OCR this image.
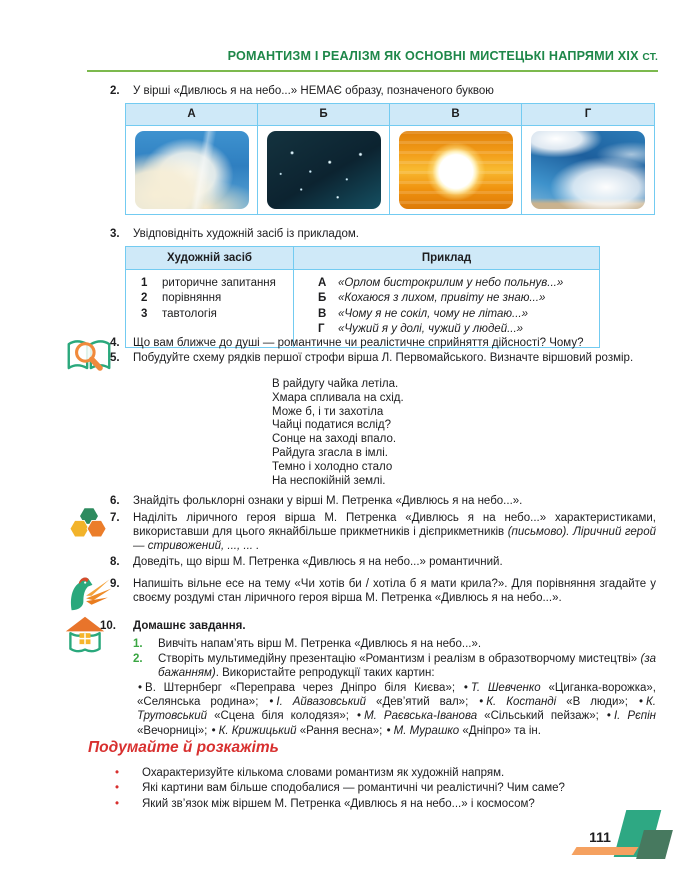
РОМАНТИЗМ І РЕАЛІЗМ ЯК ОСНОВНІ МИСТЕЦЬКІ НАПРЯМИ XIX СТ.
2.	У вірші «Дивлюсь я на небо...» НЕМАЄ образу, позначеного буквою
А	Б	В	Г
3.	Увідповідніть художній засіб із прикладом.
Художній засіб	Приклад
1 риторичне запитання
2 порівняння
3 тавтологія
А «Орлом бистрокрилим у небо польнув...»
Б «Кохаюся з лихом, привіту не знаю...»
В «Чому я не сокіл, чому не літаю...»
Г «Чужий я у долі, чужий у людей...»
4.	Що вам ближче до душі — романтичне чи реалістичне сприйняття дійсності? Чому?
5.	Побудуйте схему рядків першої строфи вірша Л. Первомайського. Визначте віршовий розмір.
В райдугу чайка летіла.
Хмара спливала на схід.
Може б, і ти захотіла
Чайці податися вслід?
Сонце на заході впало.
Райдуга згасла в імлі.
Темно і холодно стало
На неспокійній землі.
6.	Знайдіть фольклорні ознаки у вірші М. Петренка «Дивлюсь я на небо...».
7.	Наділіть ліричного героя вірша М. Петренка «Дивлюсь я на небо...» характеристиками, використавши для цього якнайбільше прикметників і дієприкметників (письмово). Ліричний герой — стривожений, ..., ... .
8.	Доведіть, що вірш М. Петренка «Дивлюсь я на небо...» романтичний.
9.	Напишіть вільне есе на тему «Чи хотів би / хотіла б я мати крила?». Для порівняння згадайте у своєму роздумі стан ліричного героя вірша М. Петренка «Дивлюсь я на небо...».
10.	Домашнє завдання.
1.	Вивчіть напам’ять вірш М. Петренка «Дивлюсь я на небо...».
2.	Створіть мультимедійну презентацію «Романтизм і реалізм в образотворчому мистецтві» (за бажанням). Використайте репродукції таких картин:
• В. Штернберг «Переправа через Дніпро біля Києва»; • Т. Шевченко «Циганка-ворожка», «Селянська родина»; • І. Айвазовський «Дев’ятий вал»; • К. Костанді «В люди»; • К. Трутовський «Сцена біля колодязя»; • М. Раєвська-Іванова «Сільський пейзаж»; • І. Рєпін «Вечорниці»; • К. Крижицький «Рання весна»; • М. Мурашко «Дніпро» та ін.
Подумайте й розкажіть
•	Охарактеризуйте кількома словами романтизм як художній напрям.
•	Які картини вам більше сподобалися — романтичні чи реалістичні? Чим саме?
•	Який зв’язок між віршем М. Петренка «Дивлюсь я на небо...» і космосом?
111
